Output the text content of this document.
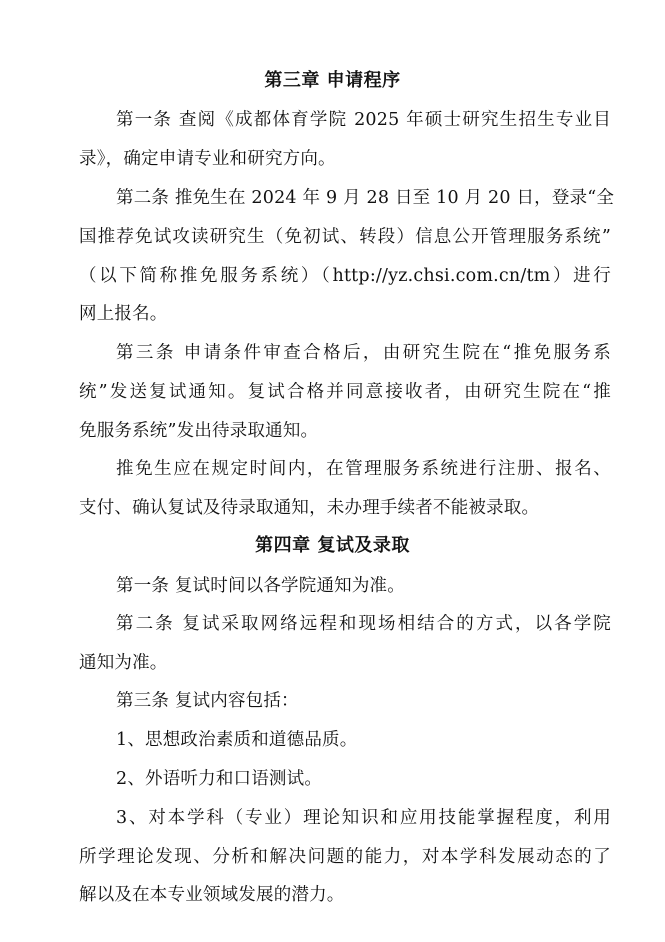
第三章 申请程序
第一条 查阅《成都体育学院 2025 年硕士研究生招生专业目
录》，确定申请专业和研究方向。
第二条 推免生在 2024 年 9 月 28 日至 10 月 20 日，登录“全
国推荐免试攻读研究生（免初试、转段）信息公开管理服务系统”
（以下简称推免服务系统）（http://yz.chsi.com.cn/tm）进行
网上报名。
第三条 申请条件审查合格后，由研究生院在“推免服务系
统”发送复试通知。复试合格并同意接收者，由研究生院在“推
免服务系统”发出待录取通知。
推免生应在规定时间内，在管理服务系统进行注册、报名、
支付、确认复试及待录取通知，未办理手续者不能被录取。
第四章 复试及录取
第一条 复试时间以各学院通知为准。
第二条 复试采取网络远程和现场相结合的方式，以各学院
通知为准。
第三条 复试内容包括：
1、思想政治素质和道德品质。
2、外语听力和口语测试。
3、对本学科（专业）理论知识和应用技能掌握程度，利用
所学理论发现、分析和解决问题的能力，对本学科发展动态的了
解以及在本专业领域发展的潜力。
